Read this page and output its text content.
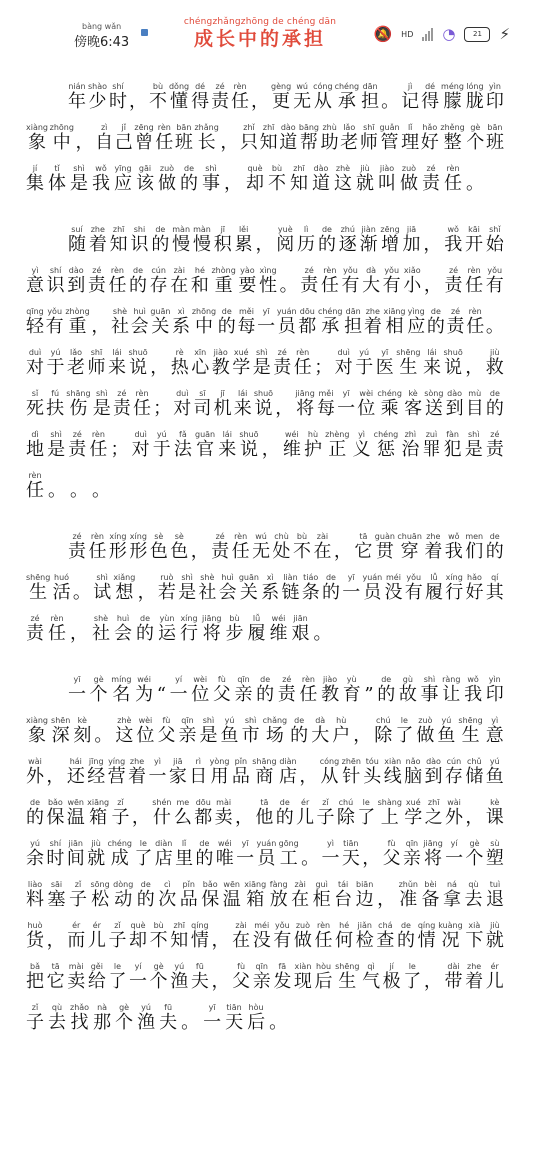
bàng wǎn
傍晚6:43
chéngzhǎngzhōng de chéng dān
成长中的承担	🔕 HD ◔	21	⚡
年nián
少shào
时shí
， 不bù
懂dǒng
得dé
责zé
任rèn
， 更gèng
无wú
从cóng
承chéng
担dān
。 记jì
得dé
朦méng
胧lóng
印yìn
象xiàng
中zhōng
， 自zì
己jǐ
曾zēng
任rèn
班bān
长zhǎng
， 只zhǐ
知zhī
道dào
帮bāng
助zhù
老lǎo
师shī
管guǎn
理lǐ
好hǎo
整zhěng
个gè
班bān
集jí
体tǐ
是shì
我wǒ
应yīng
该gāi
做zuò
的de
事shì
， 却què
不bù
知zhī
道dào
这zhè
就jiù
叫jiào
做zuò
责zé
任rèn
。
随suí
着zhe
知zhī
识shi
的de
慢màn
慢màn
积jī
累lěi
， 阅yuè
历lì
的de
逐zhú
渐jiàn
增zēng
加jiā
， 我wǒ
开kāi
始shǐ
意yì
识shí
到dào
责zé
任rèn
的de
存cún
在zài
和hé
重zhòng
要yào
性xìng
。 责zé
任rèn
有yǒu
大dà
有yǒu
小xiǎo
， 责zé
任rèn
有yǒu
轻qīng
有yǒu
重zhòng
， 社shè
会huì
关guān
系xì
中zhōng
的de
每měi
一yī
员yuán
都dōu
承chéng
担dān
着zhe
相xiāng
应yìng
的de
责zé
任rèn
。
对duì
于yú
老lǎo
师shī
来lái
说shuō
， 热rè
心xīn
教jiào
学xué
是shì
责zé
任rèn
； 对duì
于yú
医yī
生shēng
来lái
说shuō
， 救jiù
死sǐ
扶fú
伤shāng
是shì
责zé
任rèn
； 对duì
司sī
机jī
来lái
说shuō
， 将jiāng
每měi
一yī
位wèi
乘chéng
客kè
送sòng
到dào
目mù
的de
地dì
是shì
责zé
任rèn
； 对duì
于yú
法fǎ
官guān
来lái
说shuō
， 维wéi
护hù
正zhèng
义yì
惩chéng
治zhì
罪zuì
犯fàn
是shì
责zé
任rèn
。 。 。
责zé
任rèn
形xíng
形xíng
色sè
色sè
， 责zé
任rèn
无wú
处chù
不bù
在zài
， 它tā
贯guàn
穿chuān
着zhe
我wǒ
们men
的de
生shēng
活huó
。 试shì
想xiǎng
， 若ruò
是shì
社shè
会huì
关guān
系xì
链liàn
条tiáo
的de
一yī
员yuán
没méi
有yǒu
履lǚ
行xíng
好hǎo
其qí
责zé
任rèn
， 社shè
会huì
的de
运yùn
行xíng
将jiāng
步bù
履lǚ
维wéi
艰jiān
。
一yī
个gè
名míng
为wéi
“ 一yí
位wèi
父fù
亲qīn
的de
责zé
任rèn
教jiào
育yù
” 的de
故gù
事shì
让ràng
我wǒ
印yìn
象xiàng
深shēn
刻kè
。 这zhè
位wèi
父fù
亲qīn
是shì
鱼yú
市shì
场chǎng
的de
大dà
户hù
， 除chú
了le
做zuò
鱼yú
生shēng
意yì
外wài
， 还hái
经jīng
营yíng
着zhe
一yì
家jiā
日rì
用yòng
品pǐn
商shāng
店diàn
， 从cóng
针zhēn
头tóu
线xiàn
脑nǎo
到dào
存cún
储chǔ
鱼yú
的de
保bǎo
温wēn
箱xiāng
子zǐ
， 什shén
么me
都dōu
卖mài
， 他tā
的de
儿ér
子zǐ
除chú
了le
上shàng
学xué
之zhī
外wài
， 课kè
余yú
时shí
间jiān
就jiù
成chéng
了le
店diàn
里lǐ
的de
唯wéi
一yī
员yuán
工gōng
。 一yì
天tiān
， 父fù
亲qīn
将jiāng
一yí
个gè
塑sù
料liào
塞sāi
子zǐ
松sōng
动dòng
的de
次cì
品pǐn
保bǎo
温wēn
箱xiāng
放fàng
在zài
柜guì
台tái
边biān
， 准zhǔn
备bèi
拿ná
去qù
退tuì
货huò
， 而ér
儿ér
子zǐ
却què
不bù
知zhī
情qíng
， 在zài
没méi
有yǒu
做zuò
任rèn
何hé
检jiǎn
查chá
的de
情qíng
况kuàng
下xià
就jiù
把bǎ
它tā
卖mài
给gěi
了le
一yí
个gè
渔yú
夫fū
， 父fù
亲qīn
发fā
现xiàn
后hòu
生shēng
气qì
极jí
了le
， 带dài
着zhe
儿ér
子zǐ
去qù
找zhǎo
那nà
个gè
渔yú
夫fū
。 一yī
天tiān
后hòu
。
